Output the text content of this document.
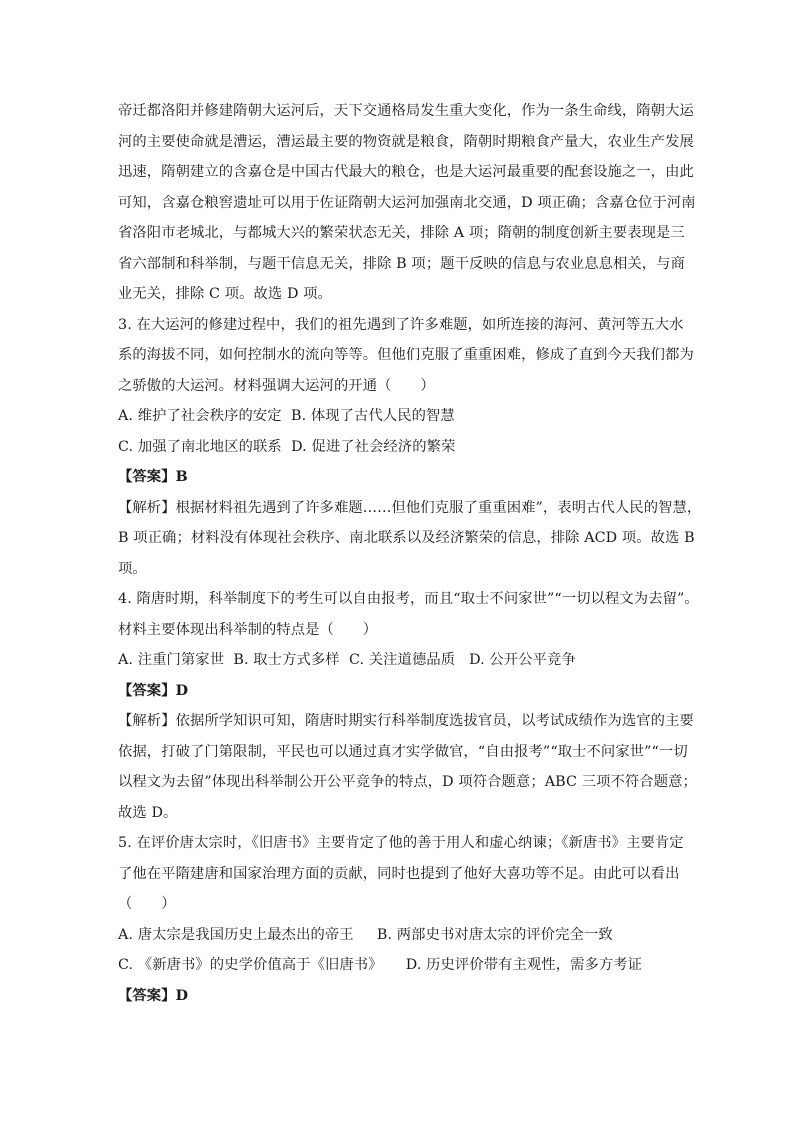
帝迁都洛阳并修建隋朝大运河后，天下交通格局发生重大变化，作为一条生命线，隋朝大运
河的主要使命就是漕运，漕运最主要的物资就是粮食，隋朝时期粮食产量大，农业生产发展
迅速，隋朝建立的含嘉仓是中国古代最大的粮仓，也是大运河最重要的配套设施之一，由此
可知，含嘉仓粮窖遗址可以用于佐证隋朝大运河加强南北交通，D 项正确；含嘉仓位于河南
省洛阳市老城北，与都城大兴的繁荣状态无关，排除 A 项；隋朝的制度创新主要表现是三
省六部制和科举制，与题干信息无关，排除 B 项；题干反映的信息与农业息息相关，与商
业无关，排除 C 项。故选 D 项。
3. 在大运河的修建过程中，我们的祖先遇到了许多难题，如所连接的海河、黄河等五大水
系的海拔不同，如何控制水的流向等等。但他们克服了重重困难，修成了直到今天我们都为
之骄傲的大运河。材料强调大运河的开通（　　）
A. 维护了社会秩序的安定  B. 体现了古代人民的智慧
C. 加强了南北地区的联系  D. 促进了社会经济的繁荣
【答案】B
【解析】根据材料祖先遇到了许多难题……但他们克服了重重困难”，表明古代人民的智慧，
B 项正确；材料没有体现社会秩序、南北联系以及经济繁荣的信息，排除 ACD 项。故选 B
项。
4. 隋唐时期，科举制度下的考生可以自由报考，而且“取士不问家世”“一切以程文为去留”。
材料主要体现出科举制的特点是（　　）
A. 注重门第家世  B. 取士方式多样  C. 关注道德品质   D. 公开公平竞争
【答案】D
【解析】依据所学知识可知，隋唐时期实行科举制度选拔官员，以考试成绩作为选官的主要
依据，打破了门第限制，平民也可以通过真才实学做官，“自由报考”“取士不问家世”“一切
以程文为去留”体现出科举制公开公平竞争的特点，D 项符合题意；ABC 三项不符合题意；
故选 D。
5. 在评价唐太宗时，《旧唐书》主要肯定了他的善于用人和虚心纳谏；《新唐书》主要肯定
了他在平隋建唐和国家治理方面的贡献，同时也提到了他好大喜功等不足。由此可以看出
（　　）
A. 唐太宗是我国历史上最杰出的帝王     B. 两部史书对唐太宗的评价完全一致
C. 《新唐书》的史学价值高于《旧唐书》     D. 历史评价带有主观性，需多方考证
【答案】D
